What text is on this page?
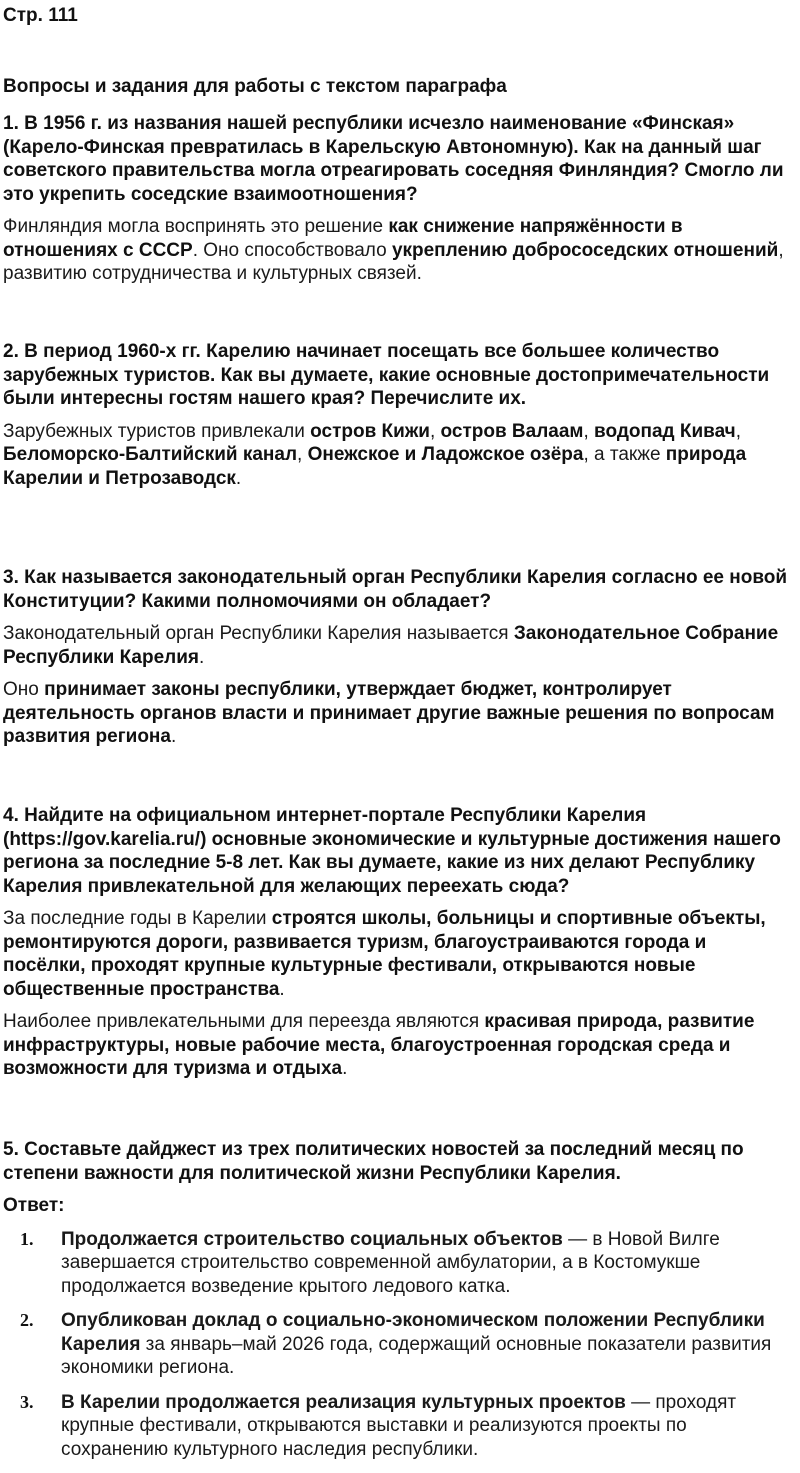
Стр. 111

Вопросы и задания для работы с текстом параграфа

1. В 1956 г. из названия нашей республики исчезло наименование «Финская» (Карело-Финская превратилась в Карельскую Автономную). Как на данный шаг советского правительства могла отреагировать соседняя Финляндия? Смогло ли это укрепить соседские взаимоотношения?

Финляндия могла воспринять это решение как снижение напряжённости в отношениях с СССР. Оно способствовало укреплению добрососедских отношений, развитию сотрудничества и культурных связей.

2. В период 1960-х гг. Карелию начинает посещать все большее количество зарубежных туристов. Как вы думаете, какие основные достопримечательности были интересны гостям нашего края? Перечислите их.

Зарубежных туристов привлекали остров Кижи, остров Валаам, водопад Кивач, Беломорско-Балтийский канал, Онежское и Ладожское озёра, а также природа Карелии и Петрозаводск.

3. Как называется законодательный орган Республики Карелия согласно ее новой Конституции? Какими полномочиями он обладает?

Законодательный орган Республики Карелия называется Законодательное Собрание Республики Карелия.

Оно принимает законы республики, утверждает бюджет, контролирует деятельность органов власти и принимает другие важные решения по вопросам развития региона.

4. Найдите на официальном интернет-портале Республики Карелия (https://gov.karelia.ru/) основные экономические и культурные достижения нашего региона за последние 5-8 лет. Как вы думаете, какие из них делают Республику Карелия привлекательной для желающих переехать сюда?

За последние годы в Карелии строятся школы, больницы и спортивные объекты, ремонтируются дороги, развивается туризм, благоустраиваются города и посёлки, проходят крупные культурные фестивали, открываются новые общественные пространства.

Наиболее привлекательными для переезда являются красивая природа, развитие инфраструктуры, новые рабочие места, благоустроенная городская среда и возможности для туризма и отдыха.

5. Составьте дайджест из трех политических новостей за последний месяц по степени важности для политической жизни Республики Карелия.

Ответ:

1.	Продолжается строительство социальных объектов — в Новой Вилге завершается строительство современной амбулатории, а в Костомукше продолжается возведение крытого ледового катка.
2.	Опубликован доклад о социально-экономическом положении Республики Карелия за январь–май 2026 года, содержащий основные показатели развития экономики региона.
3.	В Карелии продолжается реализация культурных проектов — проходят крупные фестивали, открываются выставки и реализуются проекты по сохранению культурного наследия республики.
